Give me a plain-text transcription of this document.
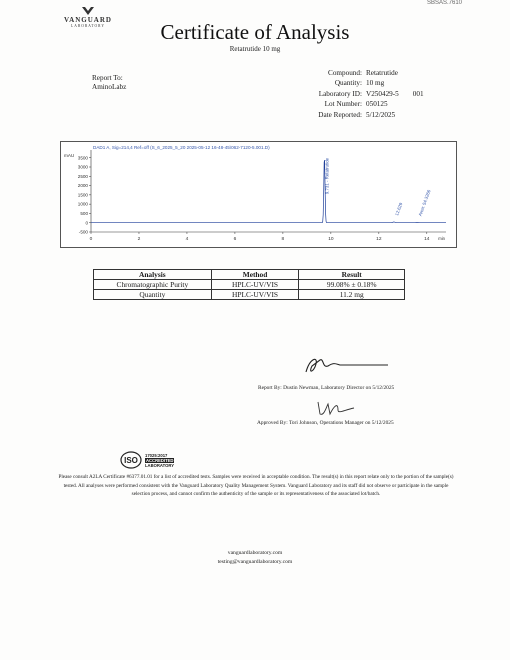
SBSAS.7610
VANGUARD
LABORATORY	Certificate of Analysis
Retatrutide 10 mg
Report To:
AminoLabz
Compound: Retatrutide
Quantity: 10 mg
Laboratory ID: V250429-5 001
Lot Number: 050125
Date Reported: 5/12/2025
DAD1 A, Sig=214,4 Ref=off (S_6_2025_5_20 2025-05-12 16-48-45\062-7120-5.001.D)
mAU 3500
3000
2500
2000
1500
1000
500
0
-500
0	2	4	6	8	10	12	14 min
9.731 - Retatrutide
12.629	Area: 54.3266
Analysis	Method	Result
Chromatographic Purity	HPLC-UV/VIS	99.08% ± 0.18%
Quantity	HPLC-UV/VIS	11.2 mg
Report By: Dustin Newman, Laboratory Director on 5/12/2025
Approved By: Tori Johnson, Operations Manager on 5/12/2025
ISO
17025:2017
ACCREDITED
LABORATORY
Please consult A2LA Certificate #6377.01.01 for a list of accredited tests. Samples were received in acceptable condition. The result(s) in this report relate only to the portion of the sample(s) tested. All analyses were performed consistent with the Vanguard Laboratory Quality Management System. Vanguard Laboratory and its staff did not observe or participate in the sample selection process, and cannot confirm the authenticity of the sample or its representativeness of the associated lot/batch.
vanguardlaboratory.com
testing@vanguardlaboratory.com
